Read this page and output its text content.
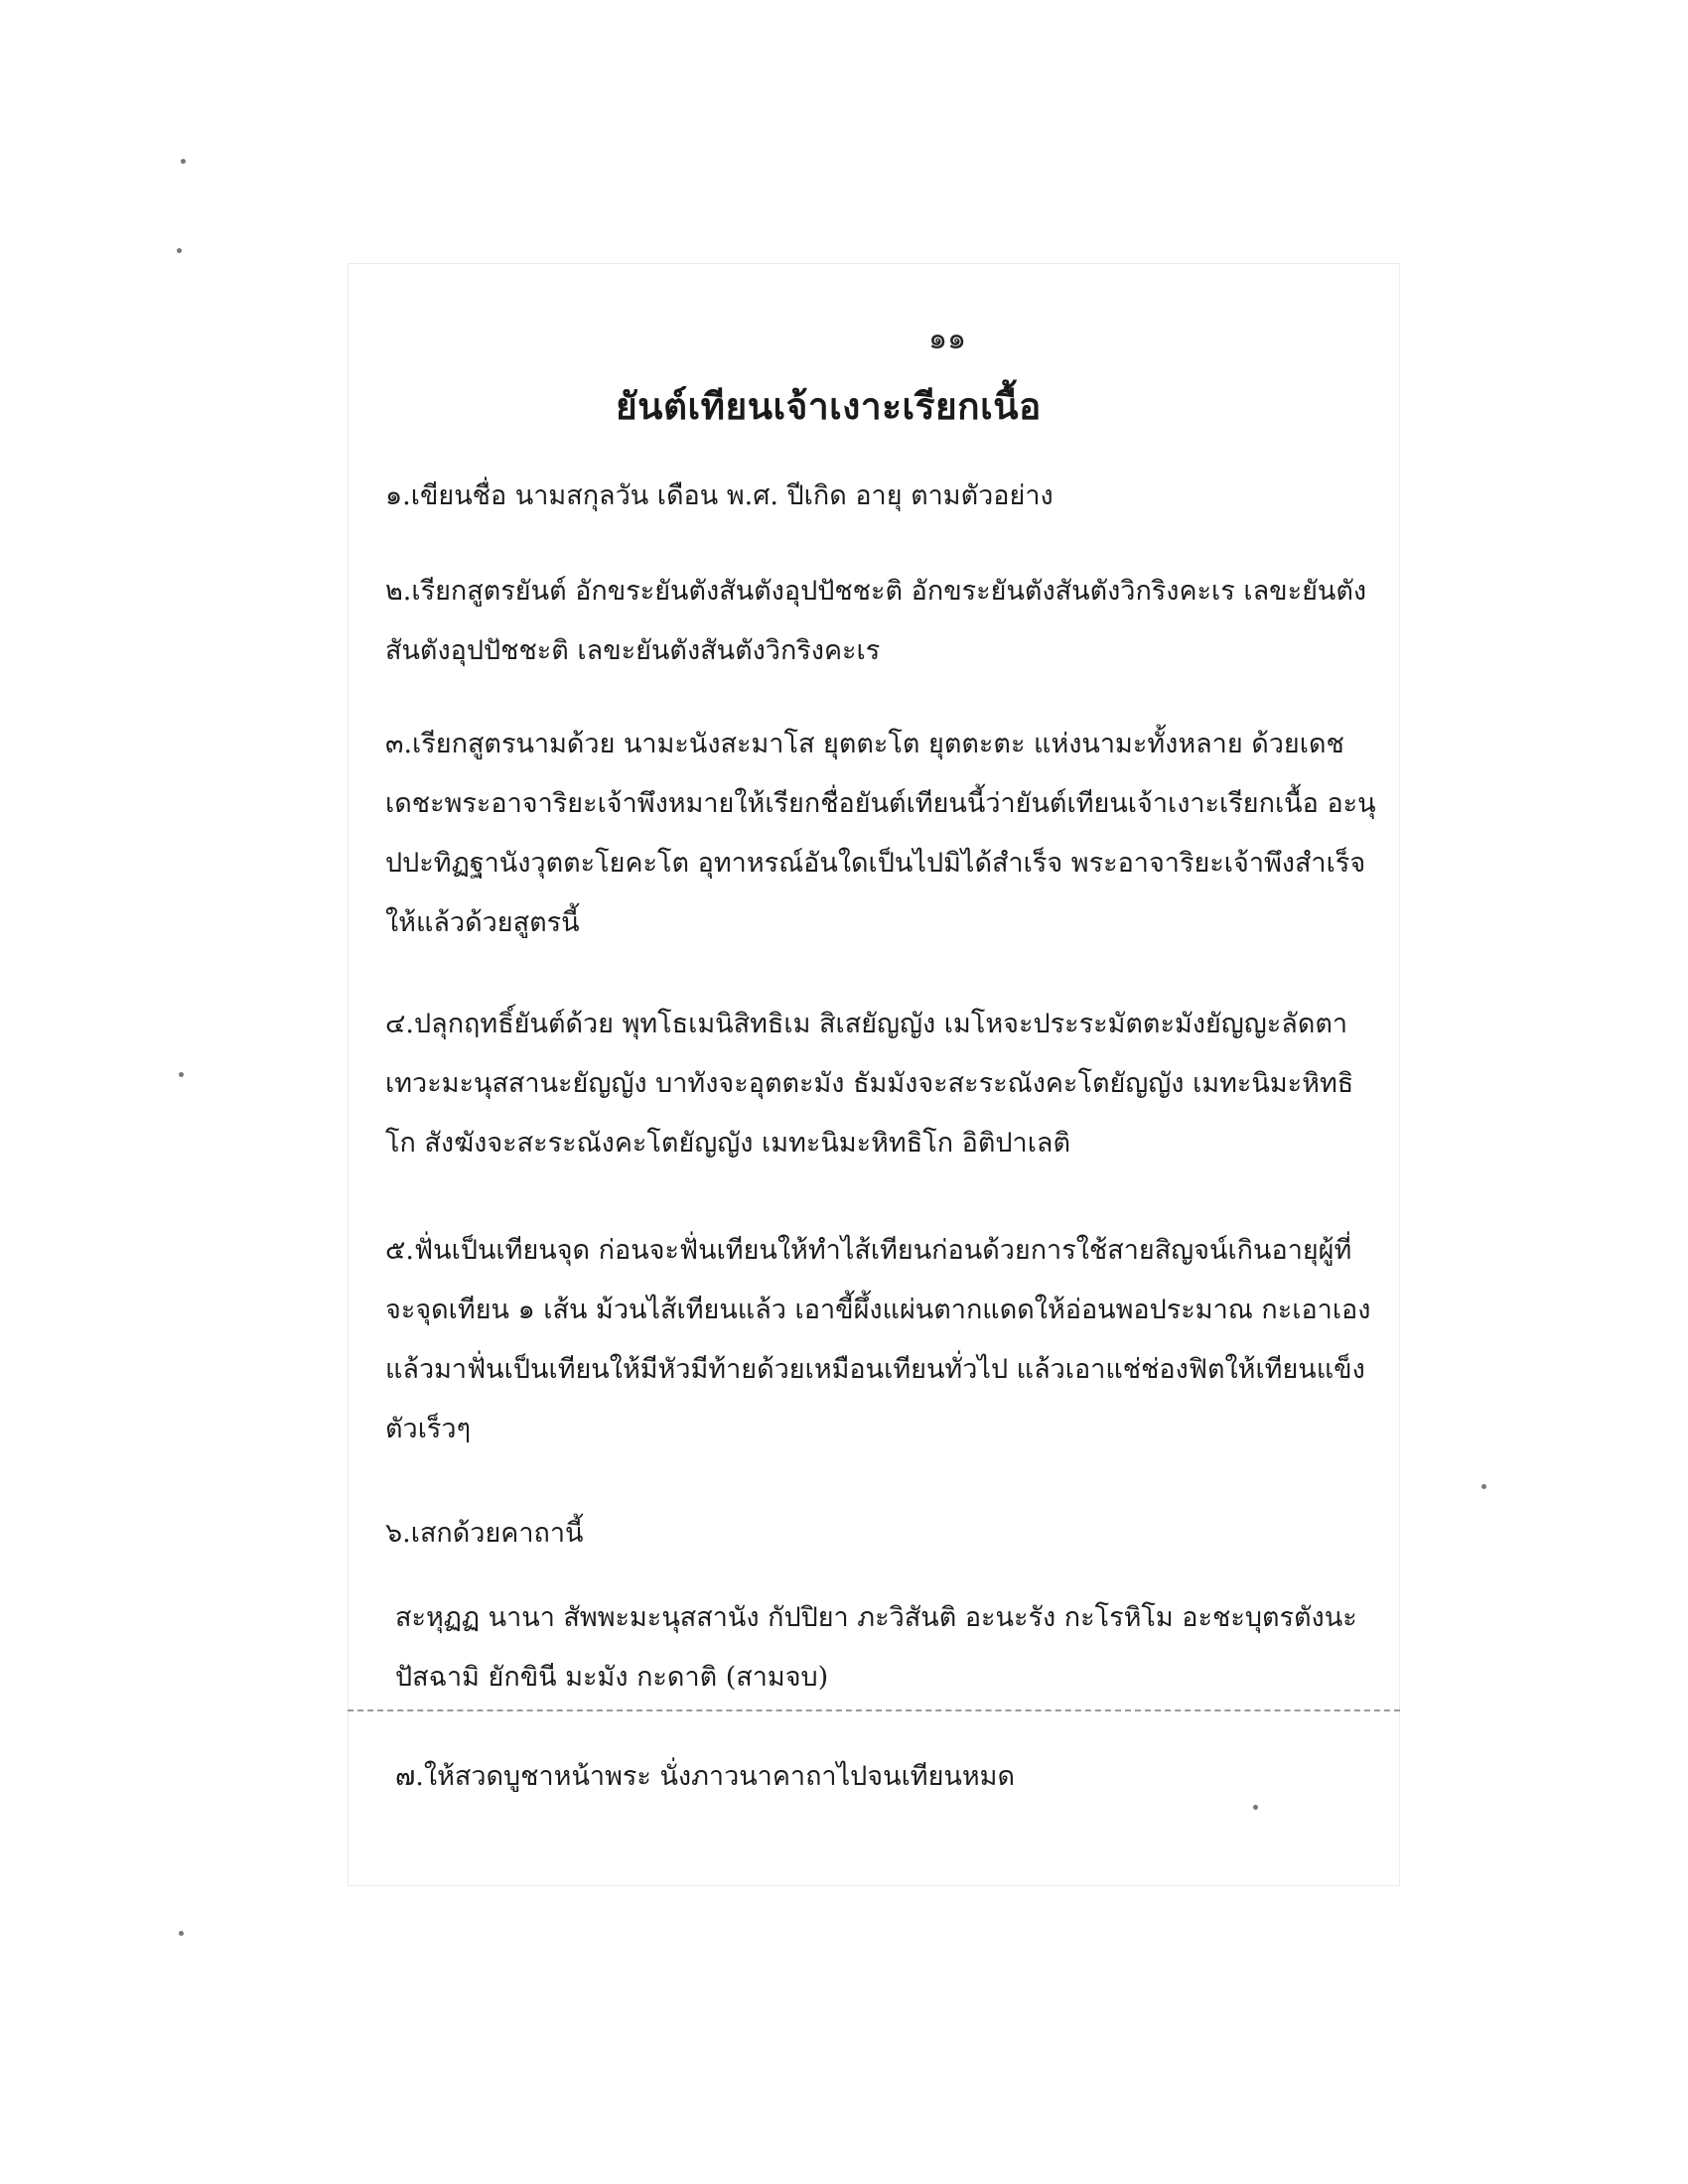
๑๑
ยันต์เทียนเจ้าเงาะเรียกเนื้อ
๑.เขียนชื่อ นามสกุลวัน เดือน พ.ศ. ปีเกิด อายุ ตามตัวอย่าง
๒.เรียกสูตรยันต์ อักขระยันตังสันตังอุปปัชชะติ อักขระยันตังสันตังวิกริงคะเร เลขะยันตังสันตังอุปปัชชะติ เลขะยันตังสันตังวิกริงคะเร
๓.เรียกสูตรนามด้วย นามะนังสะมาโส ยุตตะโต ยุตตะตะ แห่งนามะทั้งหลาย ด้วยเดชเดชะพระอาจาริยะเจ้าพึงหมายให้เรียกชื่อยันต์เทียนนี้ว่ายันต์เทียนเจ้าเงาะเรียกเนื้อ อะนุปปะทิฏฐานังวุตตะโยคะโต อุทาหรณ์อันใดเป็นไปมิได้สำเร็จ พระอาจาริยะเจ้าพึงสำเร็จให้แล้วด้วยสูตรนี้
๔.ปลุกฤทธิ์ยันต์ด้วย พุทโธเมนิสิทธิเม สิเสยัญญัง เมโหจะประระมัตตะมังยัญญะลัดตาเทวะมะนุสสานะยัญญัง บาทังจะอุตตะมัง ธัมมังจะสะระณังคะโตยัญญัง เมทะนิมะหิทธิโก สังฆังจะสะระณังคะโตยัญญัง เมทะนิมะหิทธิโก อิติปาเลติ
๕.ฟั่นเป็นเทียนจุด ก่อนจะฟั่นเทียนให้ทำไส้เทียนก่อนด้วยการใช้สายสิญจน์เกินอายุผู้ที่จะจุดเทียน ๑ เส้น ม้วนไส้เทียนแล้ว เอาขี้ผึ้งแผ่นตากแดดให้อ่อนพอประมาณ กะเอาเอง แล้วมาฟั่นเป็นเทียนให้มีหัวมีท้ายด้วยเหมือนเทียนทั่วไป แล้วเอาแช่ช่องฟิตให้เทียนแข็งตัวเร็วๆ
๖.เสกด้วยคาถานี้
สะหุฏฏ นานา สัพพะมะนุสสานัง กัปปิยา ภะวิสันติ อะนะรัง กะโรหิโม อะชะบุตรตังนะปัสฉามิ ยักขินี มะมัง กะดาติ (สามจบ)
๗.ให้สวดบูชาหน้าพระ นั่งภาวนาคาถาไปจนเทียนหมด
